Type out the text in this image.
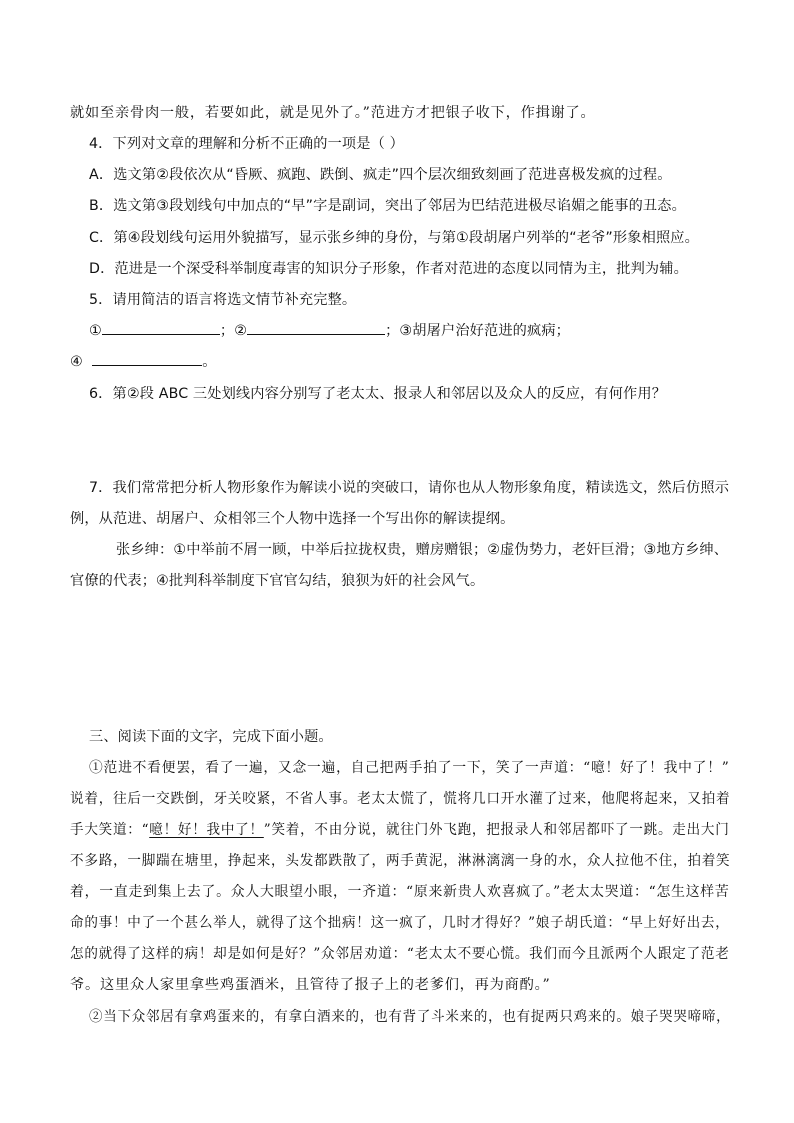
就如至亲骨肉一般，若要如此，就是见外了。”范进方才把银子收下，作揖谢了。
4．下列对文章的理解和分析不正确的一项是（ ）
A．选文第②段依次从“昏厥、疯跑、跌倒、疯走”四个层次细致刻画了范进喜极发疯的过程。
B．选文第③段划线句中加点的“早”字是副词，突出了邻居为巴结范进极尽谄媚之能事的丑态。
C．第④段划线句运用外貌描写，显示张乡绅的身份，与第①段胡屠户列举的“老爷”形象相照应。
D．范进是一个深受科举制度毒害的知识分子形象，作者对范进的态度以同情为主，批判为辅。
5．请用简洁的语言将选文情节补充完整。
①	；②	；③胡屠户治好范进的疯病；
④	。
6．第②段 ABC 三处划线内容分别写了老太太、报录人和邻居以及众人的反应，有何作用？
7．我们常常把分析人物形象作为解读小说的突破口，请你也从人物形象角度，精读选文，然后仿照示
例，从范进、胡屠户、众相邻三个人物中选择一个写出你的解读提纲。
张乡绅：①中举前不屑一顾，中举后拉拢权贵，赠房赠银；②虚伪势力，老奸巨滑；③地方乡绅、
官僚的代表；④批判科举制度下官官勾结，狼狈为奸的社会风气。
三、阅读下面的文字，完成下面小题。
①范进不看便罢，看了一遍，又念一遍，自己把两手拍了一下，笑了一声道：“噫！好了！我中了！”
说着，往后一交跌倒，牙关咬紧，不省人事。老太太慌了，慌将几口开水灌了过来，他爬将起来，又拍着
手大笑道：“噫！好！我中了！”笑着，不由分说，就往门外飞跑，把报录人和邻居都吓了一跳。走出大门
不多路，一脚踹在塘里，挣起来，头发都跌散了，两手黄泥，淋淋漓漓一身的水，众人拉他不住，拍着笑
着，一直走到集上去了。众人大眼望小眼，一齐道：“原来新贵人欢喜疯了。”老太太哭道：“怎生这样苦
命的事！中了一个甚么举人，就得了这个拙病！这一疯了，几时才得好？”娘子胡氏道：“早上好好出去，
怎的就得了这样的病！却是如何是好？”众邻居劝道：“老太太不要心慌。我们而今且派两个人跟定了范老
爷。这里众人家里拿些鸡蛋酒米，且管待了报子上的老爹们，再为商酌。”
②当下众邻居有拿鸡蛋来的，有拿白酒来的，也有背了斗米来的，也有捉两只鸡来的。娘子哭哭啼啼，
